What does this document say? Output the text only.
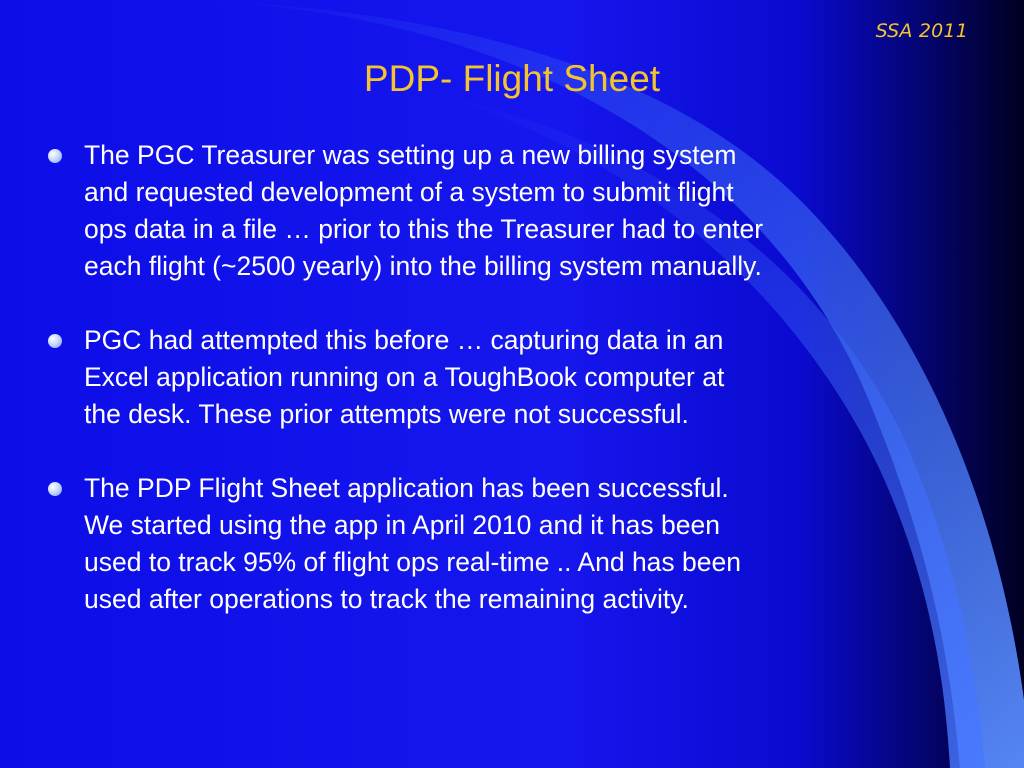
SSA 2011
PDP- Flight Sheet
The PGC Treasurer was setting up a new billing system
and requested development of a system to submit flight
ops data in a file … prior to this the Treasurer had to enter
each flight (~2500 yearly) into the billing system manually.
PGC had attempted this before … capturing data in an
Excel application running on a ToughBook computer at
the desk. These prior attempts were not successful.
The PDP Flight Sheet application has been successful.
We started using the app in April 2010 and it has been
used to track 95% of flight ops real-time .. And has been
used after operations to track the remaining activity.
